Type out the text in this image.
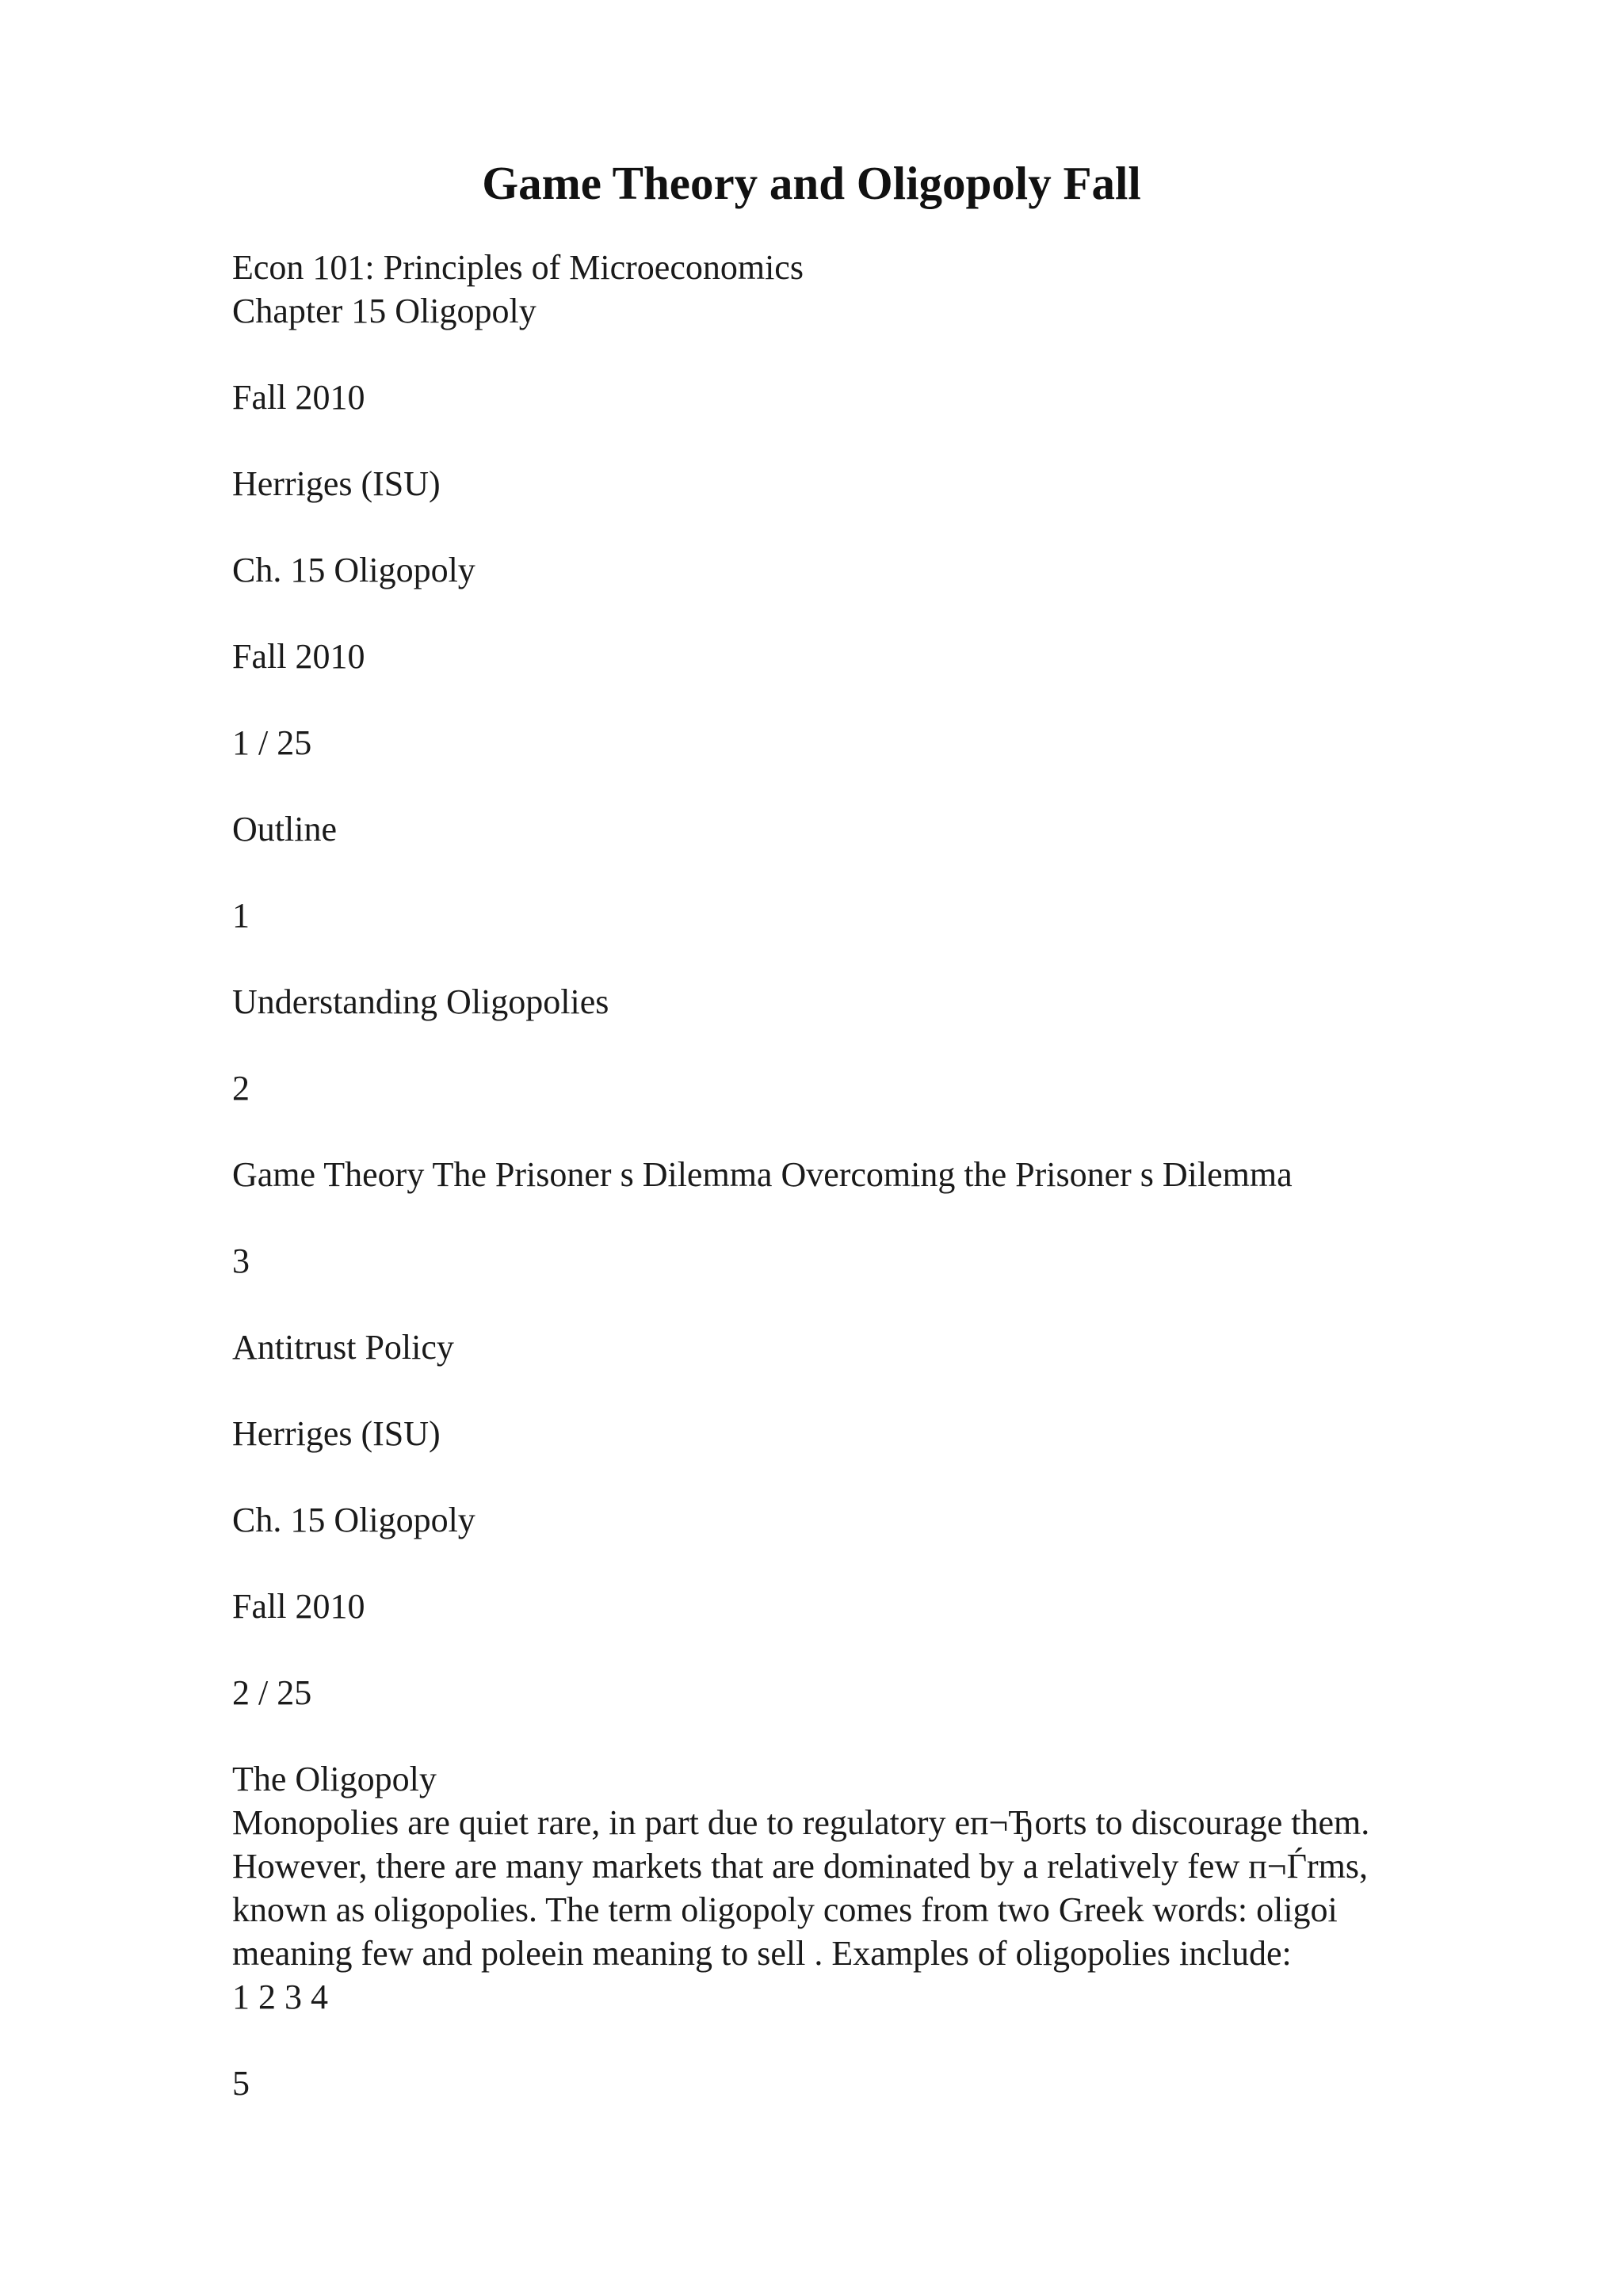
Game Theory and Oligopoly Fall
Econ 101: Principles of Microeconomics
Chapter 15 Oligopoly
Fall 2010
Herriges (ISU)
Ch. 15 Oligopoly
Fall 2010
1 / 25
Outline
1
Understanding Oligopolies
2
Game Theory The Prisoner s Dilemma Overcoming the Prisoner s Dilemma
3
Antitrust Policy
Herriges (ISU)
Ch. 15 Oligopoly
Fall 2010
2 / 25
The Oligopoly
Monopolies are quiet rare, in part due to regulatory eп¬Ђorts to discourage them.
However, there are many markets that are dominated by a relatively few п¬Ѓrms,
known as oligopolies. The term oligopoly comes from two Greek words: oligoi
meaning few and poleein meaning to sell . Examples of oligopolies include:
1 2 3 4
5
